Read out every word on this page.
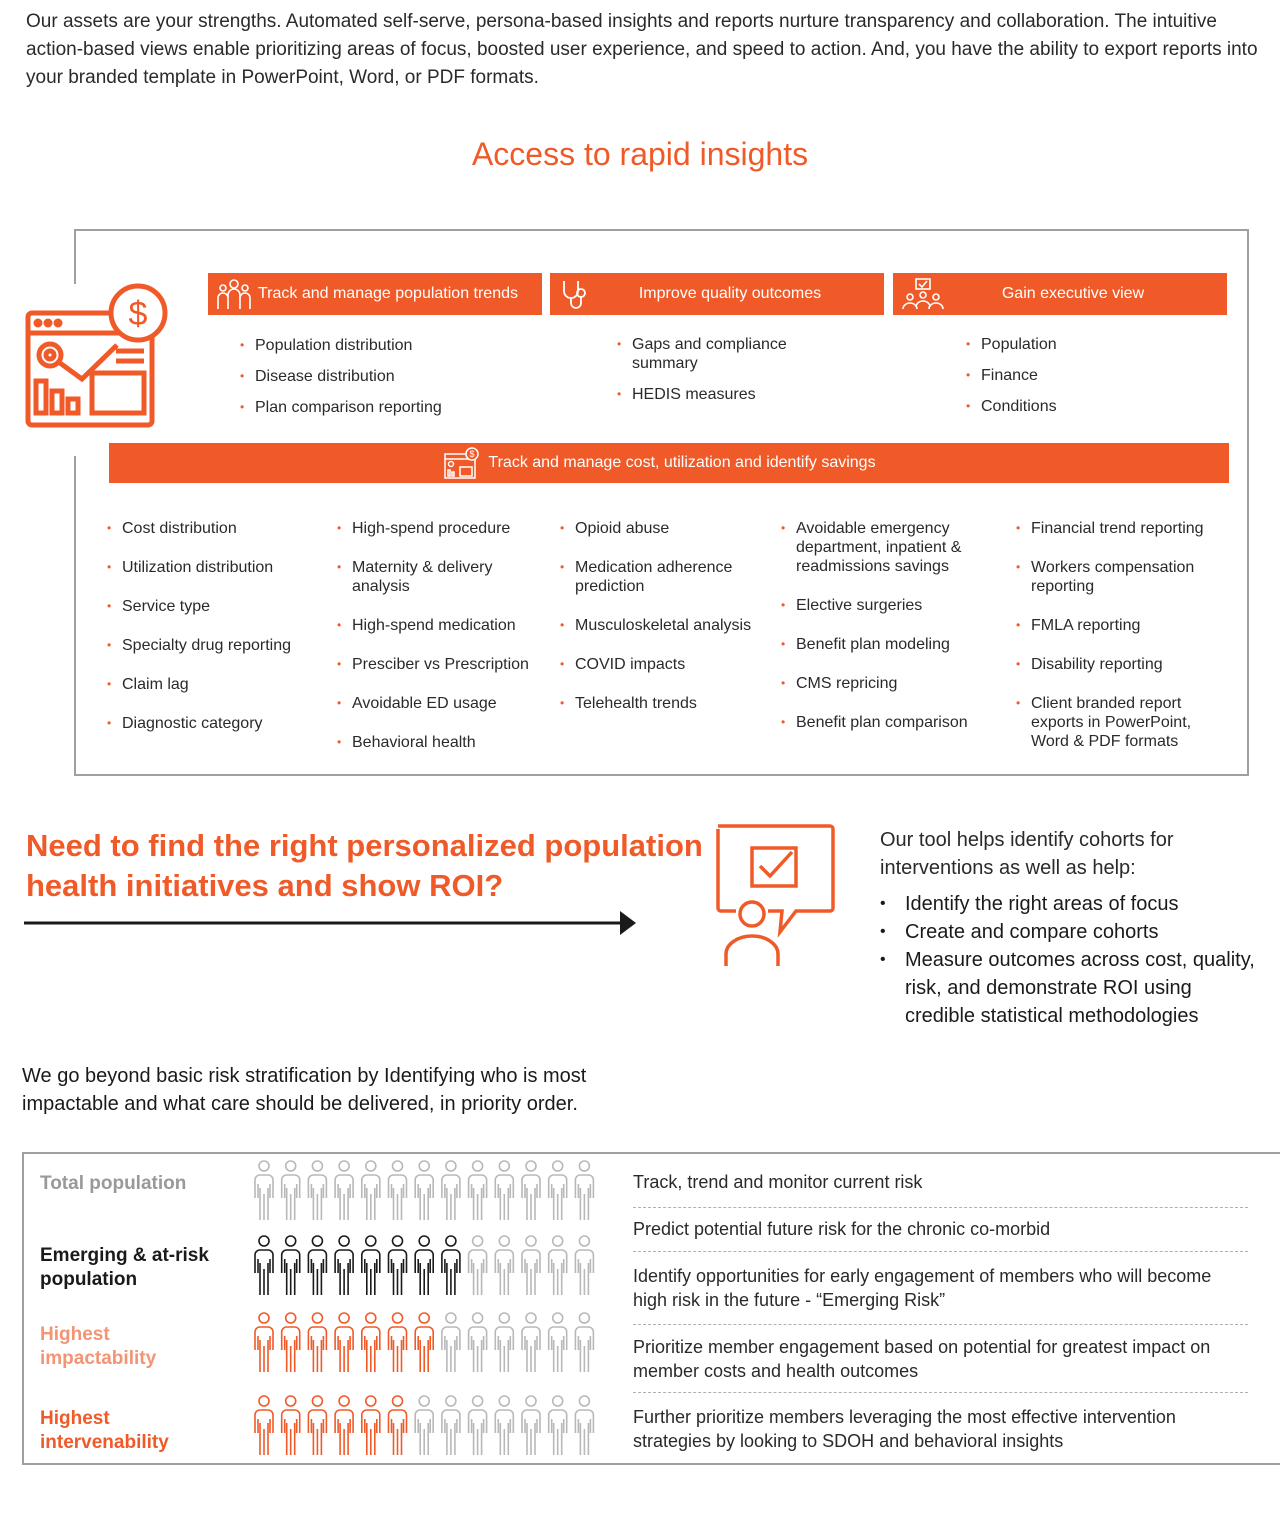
Our assets are your strengths. Automated self-serve, persona-based insights and reports nurture transparency and collaboration. The intuitive action-based views enable prioritizing areas of focus, boosted user experience, and speed to action. And, you have the ability to export reports into your branded template in PowerPoint, Word, or PDF formats.

Access to rapid insights
$
Track and manage population trends	Improve quality outcomes	Gain executive view
• Population distribution
• Disease distribution
• Plan comparison reporting
• Gaps and compliance summary
• HEDIS measures
• Population
• Finance
• Conditions
$ Track and manage cost, utilization and identify savings
• Cost distribution
• Utilization distribution
• Service type
• Specialty drug reporting
• Claim lag
• Diagnostic category
• High-spend procedure
• Maternity & delivery analysis
• High-spend medication
• Presciber vs Prescription
• Avoidable ED usage
• Behavioral health
• Opioid abuse
• Medication adherence prediction
• Musculoskeletal analysis
• COVID impacts
• Telehealth trends
• Avoidable emergency department, inpatient & readmissions savings
• Elective surgeries
• Benefit plan modeling
• CMS repricing
• Benefit plan comparison
• Financial trend reporting
• Workers compensation reporting
• FMLA reporting
• Disability reporting
• Client branded report exports in PowerPoint, Word & PDF formats
Need to find the right personalized population health initiatives and show ROI?

Our tool helps identify cohorts for interventions as well as help:

• Identify the right areas of focus
• Create and compare cohorts
• Measure outcomes across cost, quality, risk, and demonstrate ROI using credible statistical methodologies

We go beyond basic risk stratification by Identifying who is most impactable and what care should be delivered, in priority order.

Total population
Emerging & at-risk population
Highest impactability
Highest intervenability
Track, trend and monitor current risk
Predict potential future risk for the chronic co-morbid
Identify opportunities for early engagement of members who will become high risk in the future - “Emerging Risk”
Prioritize member engagement based on potential for greatest impact on member costs and health outcomes
Further prioritize members leveraging the most effective intervention strategies by looking to SDOH and behavioral insights
